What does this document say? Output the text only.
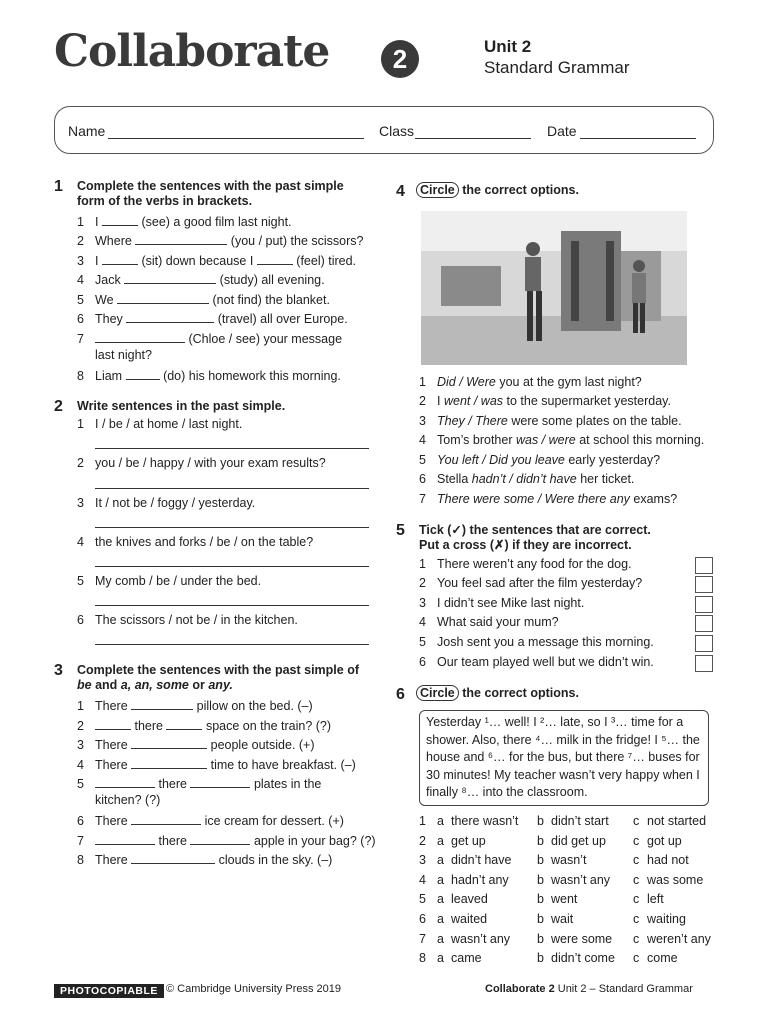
Collaborate	2	Unit 2
Standard Grammar
Name	Class	Date
1 Complete the sentences with the past simple
form of the verbs in brackets.
1 I	(see) a good film last night.
2 Where	(you / put) the scissors?
3 I	(sit) down because I	(feel) tired.
4 Jack	(study) all evening.
5 We	(not find) the blanket.
6 They	(travel) all over Europe.
7	(Chloe / see) your message
last night?
8 Liam	(do) his homework this morning.
2 Write sentences in the past simple.
1 I / be / at home / last night.
2 you / be / happy / with your exam results?
3 It / not be / foggy / yesterday.
4 the knives and forks / be / on the table?
5 My comb / be / under the bed.
6 The scissors / not be / in the kitchen.
3 Complete the sentences with the past simple of
be and a, an, some or any.
1 There	pillow on the bed. (–)
2	there	space on the train? (?)
3 There	people outside. (+)
4 There	time to have breakfast. (–)
5	there	plates in the
kitchen? (?)
6 There	ice cream for dessert. (+)
7	there	apple in your bag? (?)
8 There	clouds in the sky. (–)
4	Circle the correct options.
1 Did / Were you at the gym last night?
2 I went / was to the supermarket yesterday.
3 They / There were some plates on the table.
4 Tom’s brother was / were at school this morning.
5 You left / Did you leave early yesterday?
6 Stella hadn’t / didn’t have her ticket.
7 There were some / Were there any exams?
5 Tick (✓) the sentences that are correct.
Put a cross (✗) if they are incorrect.
1 There weren’t any food for the dog.
2 You feel sad after the film yesterday?
3 I didn’t see Mike last night.
4 What said your mum?
5 Josh sent you a message this morning.
6 Our team played well but we didn’t win.
6	Circle the correct options.
Yesterday ¹… well! I ²… late, so I ³… time for a shower. Also, there ⁴… milk in the fridge! I ⁵… the house and ⁶… for the bus, but there ⁷… buses for 30 minutes! My teacher wasn’t very happy when I finally ⁸… into the classroom.
1 a there wasn’t b didn’t start c not started
2 a get up	b did get up c got up
3 a didn’t have b wasn’t	c had not
4 a hadn’t any b wasn’t any c was some
5 a leaved	b went	c left
6 a waited	b wait	c waiting
7 a wasn’t any b were some c weren’t any
8 a came	b didn’t come c come
PHOTOCOPIABLE © Cambridge University Press 2019	Collaborate 2 Unit 2 – Standard Grammar
